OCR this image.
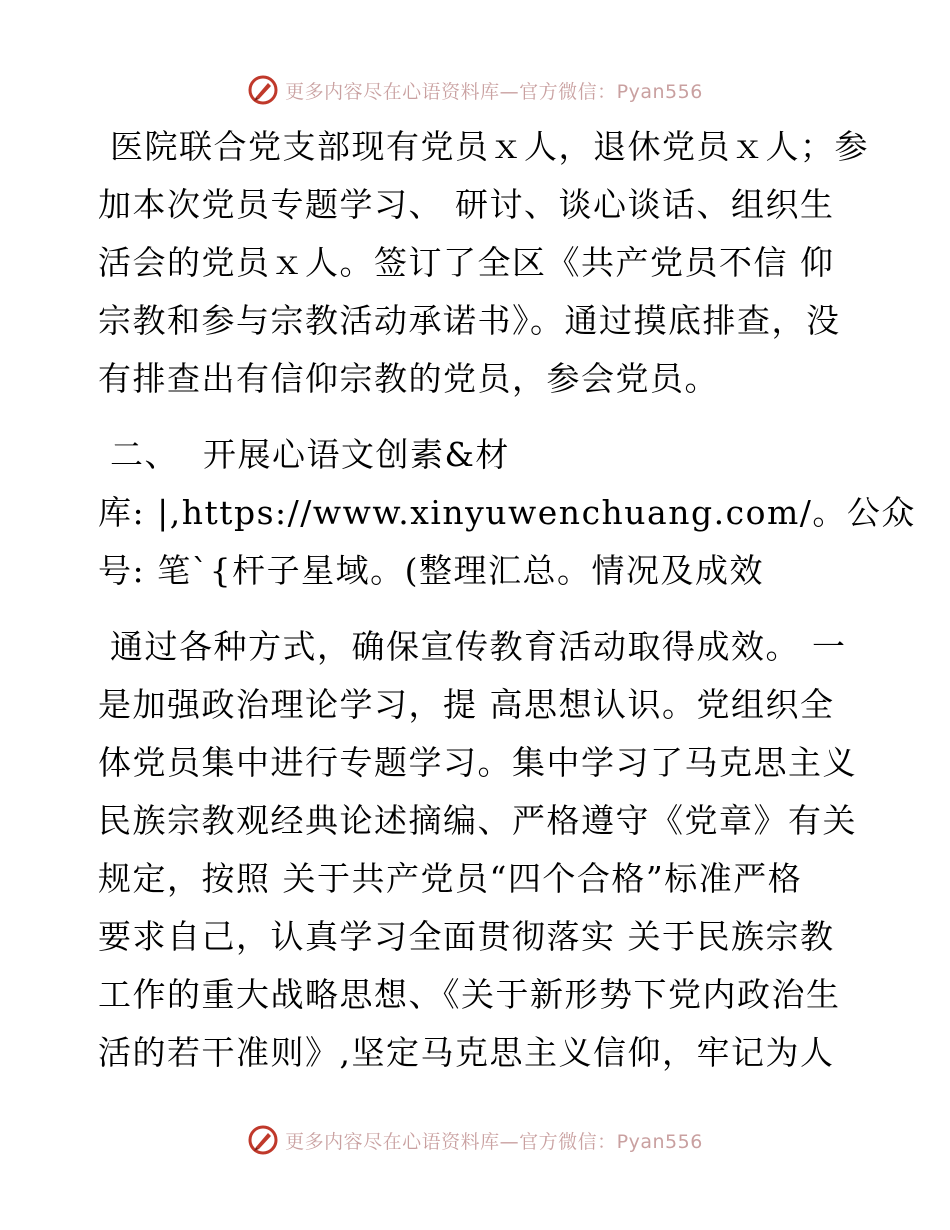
更多内容尽在心语资料库—官方微信：Pyan556
医院联合党支部现有党员ｘ人，退休党员ｘ人；参
加本次党员专题学习、 研讨、谈心谈话、组织生
活会的党员ｘ人。签订了全区《共产党员不信 仰
宗教和参与宗教活动承诺书》。通过摸底排查，没
有排查出有信仰宗教的党员，参会党员。
二、  开展心语文创素&材
库: |,https://www.xinyuwenchuang.com/。公众
号: 笔`{杆子星域。(整理汇总。情况及成效
通过各种方式，确保宣传教育活动取得成效。 一
是加强政治理论学习，提 高思想认识。党组织全
体党员集中进行专题学习。集中学习了马克思主义
民族宗教观经典论述摘编、严格遵守《党章》有关
规定，按照 关于共产党员“四个合格”标准严格
要求自己，认真学习全面贯彻落实 关于民族宗教
工作的重大战略思想、《关于新形势下党内政治生
活的若干准则》,坚定马克思主义信仰，牢记为人
更多内容尽在心语资料库—官方微信：Pyan556
